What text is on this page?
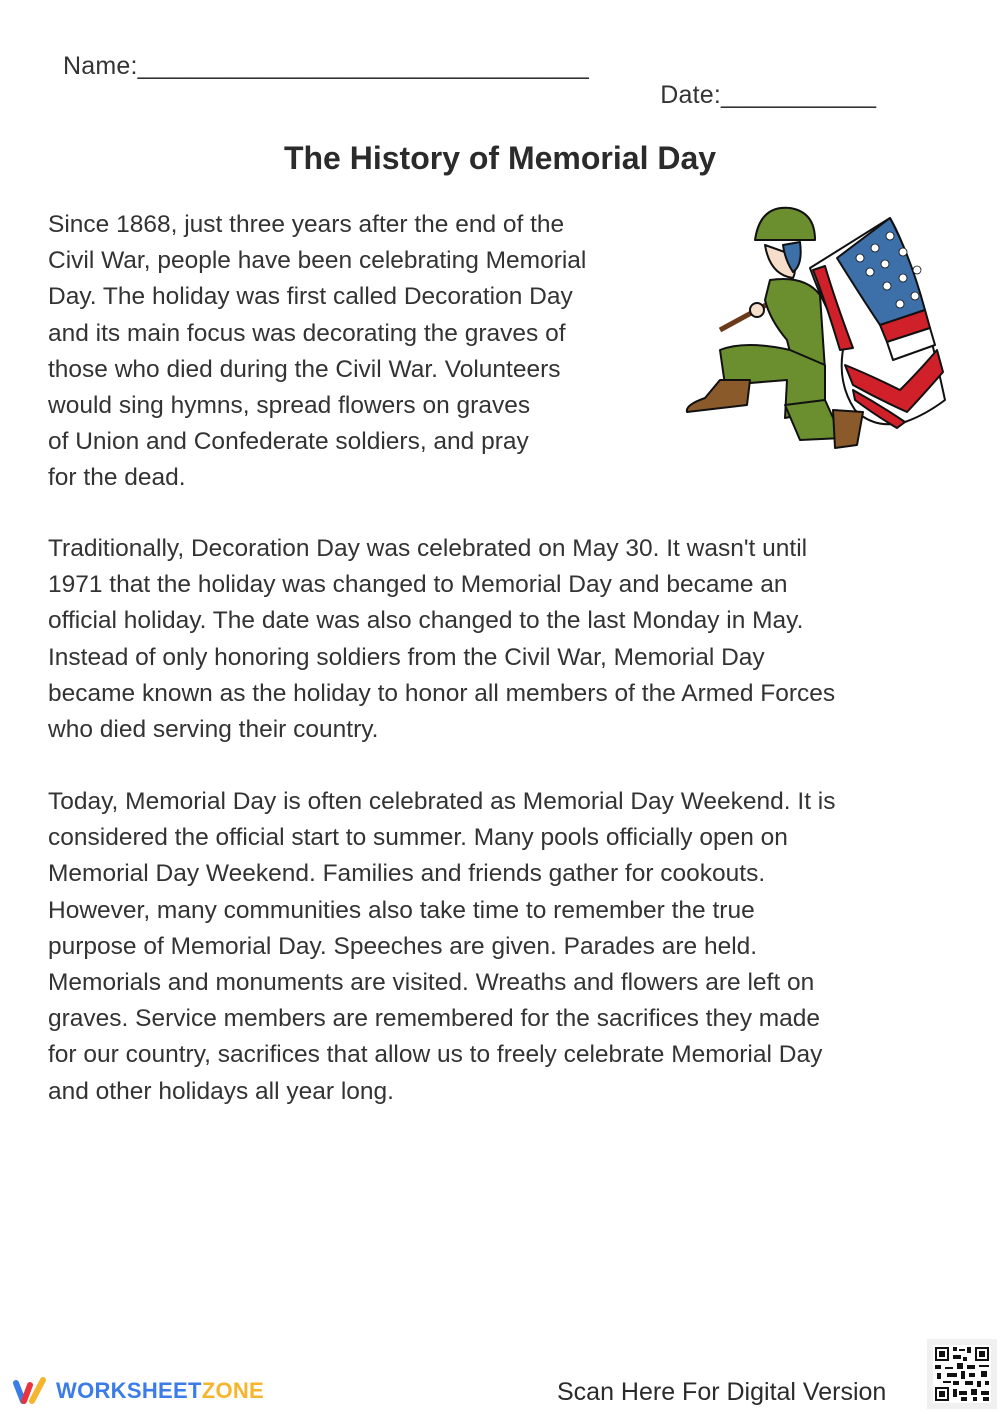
Name:________________________________

Date:___________

The History of Memorial Day
Since 1868, just three years after the end of the
Civil War, people have been celebrating Memorial
Day. The holiday was first called Decoration Day
and its main focus was decorating the graves of
those who died during the Civil War. Volunteers
would sing hymns, spread flowers on graves
of Union and Confederate soldiers, and pray
for the dead.
Traditionally, Decoration Day was celebrated on May 30. It wasn't until
1971 that the holiday was changed to Memorial Day and became an
official holiday. The date was also changed to the last Monday in May.
Instead of only honoring soldiers from the Civil War, Memorial Day
became known as the holiday to honor all members of the Armed Forces
who died serving their country.
Today, Memorial Day is often celebrated as Memorial Day Weekend. It is
considered the official start to summer. Many pools officially open on
Memorial Day Weekend. Families and friends gather for cookouts.
However, many communities also take time to remember the true
purpose of Memorial Day. Speeches are given. Parades are held.
Memorials and monuments are visited. Wreaths and flowers are left on
graves. Service members are remembered for the sacrifices they made
for our country, sacrifices that allow us to freely celebrate Memorial Day
and other holidays all year long.
WORKSHEETZONE	Scan Here For Digital Version
